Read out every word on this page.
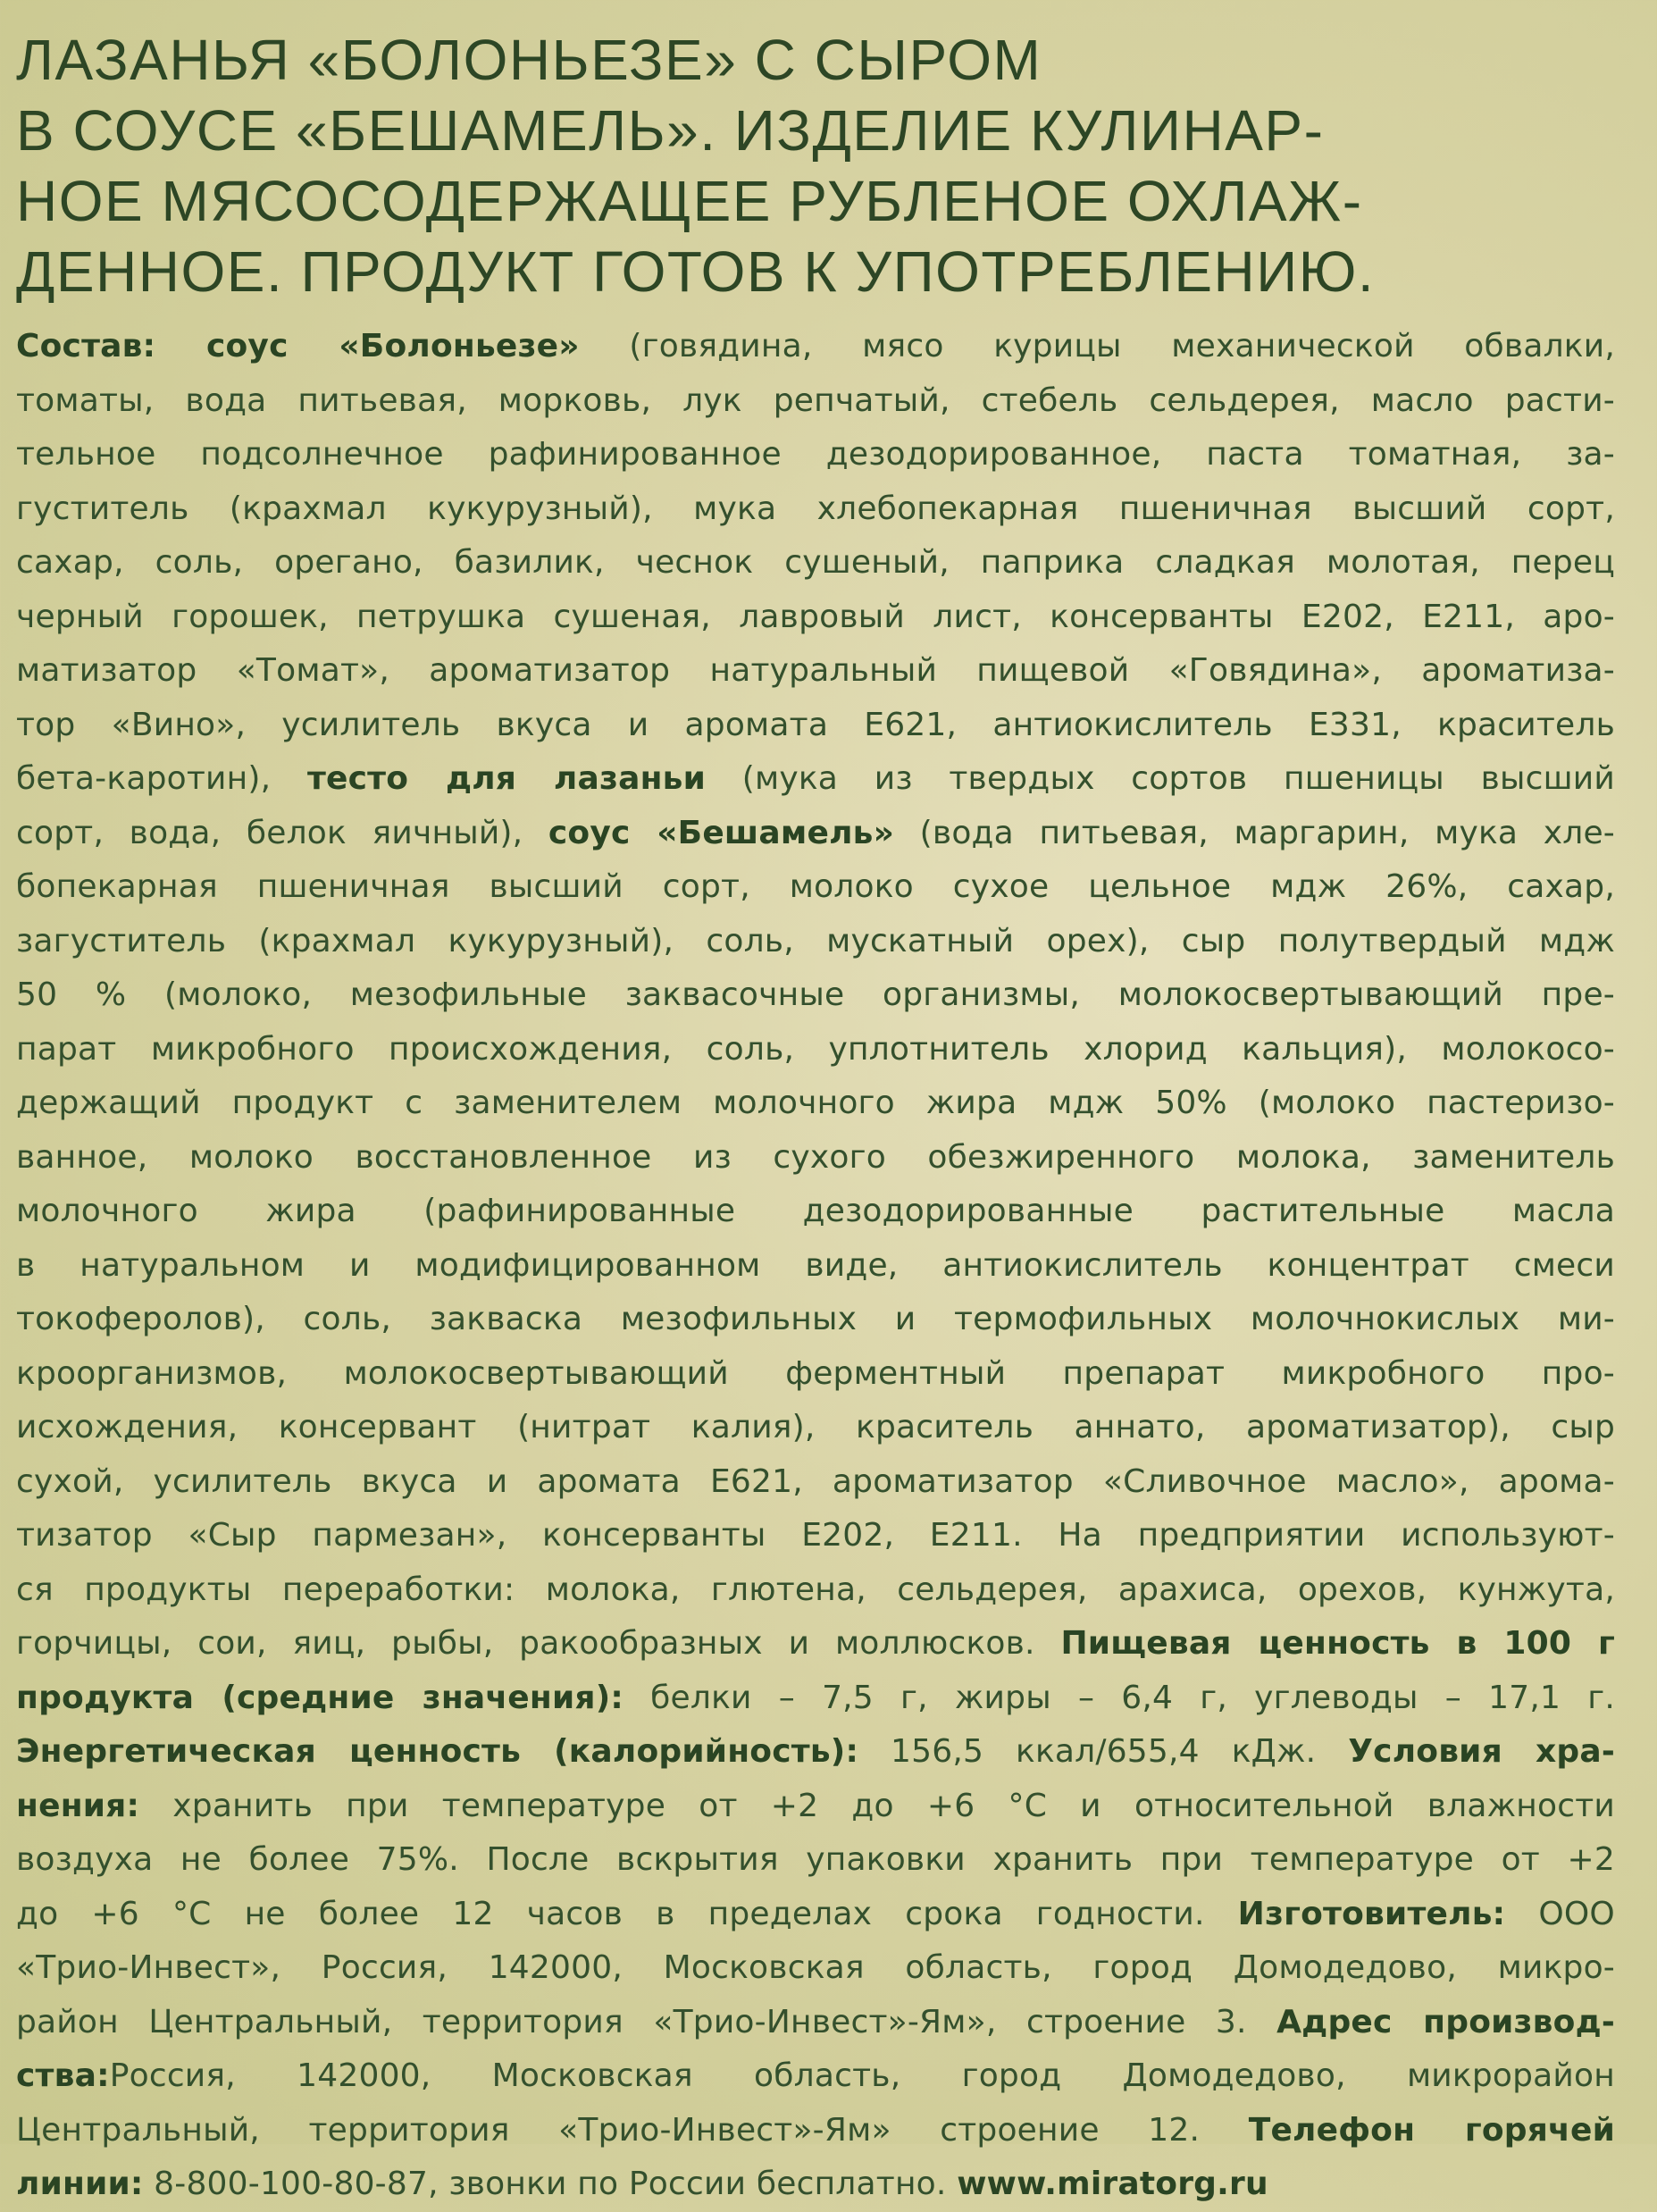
ЛАЗАНЬЯ «БОЛОНЬЕЗЕ» С СЫРОМ
В СОУСЕ «БЕШАМЕЛЬ». ИЗДЕЛИЕ КУЛИНАР-
НОЕ МЯСОСОДЕРЖАЩЕЕ РУБЛЕНОЕ ОХЛАЖ-
ДЕННОЕ. ПРОДУКТ ГОТОВ К УПОТРЕБЛЕНИЮ.
Состав: соус «Болоньезе» (говядина, мясо курицы механической обвалки,
томаты, вода питьевая, морковь, лук репчатый, стебель сельдерея, масло расти-
тельное подсолнечное рафинированное дезодорированное, паста томатная, за-
густитель (крахмал кукурузный), мука хлебопекарная пшеничная высший сорт,
сахар, соль, орегано, базилик, чеснок сушеный, паприка сладкая молотая, перец
черный горошек, петрушка сушеная, лавровый лист, консерванты Е202, Е211, аро-
матизатор «Томат», ароматизатор натуральный пищевой «Говядина», ароматиза-
тор «Вино», усилитель вкуса и аромата Е621, антиокислитель Е331, краситель
бета-каротин), тесто для лазаньи (мука из твердых сортов пшеницы высший
сорт, вода, белок яичный), соус «Бешамель» (вода питьевая, маргарин, мука хле-
бопекарная пшеничная высший сорт, молоко сухое цельное мдж 26%, сахар,
загуститель (крахмал кукурузный), соль, мускатный орех), сыр полутвердый мдж
50 % (молоко, мезофильные заквасочные организмы, молокосвертывающий пре-
парат микробного происхождения, соль, уплотнитель хлорид кальция), молокосо-
держащий продукт с заменителем молочного жира мдж 50% (молоко пастеризо-
ванное, молоко восстановленное из сухого обезжиренного молока, заменитель
молочного жира (рафинированные дезодорированные растительные масла
в натуральном и модифицированном виде, антиокислитель концентрат смеси
токоферолов), соль, закваска мезофильных и термофильных молочнокислых ми-
кроорганизмов, молокосвертывающий ферментный препарат микробного про-
исхождения, консервант (нитрат калия), краситель аннато, ароматизатор), сыр
сухой, усилитель вкуса и аромата Е621, ароматизатор «Сливочное масло», арома-
тизатор «Сыр пармезан», консерванты Е202, Е211. На предприятии используют-
ся продукты переработки: молока, глютена, сельдерея, арахиса, орехов, кунжута,
горчицы, сои, яиц, рыбы, ракообразных и моллюсков. Пищевая ценность в 100 г
продукта (средние значения): белки – 7,5 г, жиры – 6,4 г, углеводы – 17,1 г.
Энергетическая ценность (калорийность): 156,5 ккал/655,4 кДж. Условия хра-
нения: хранить при температуре от +2 до +6 °С и относительной влажности
воздуха не более 75%. После вскрытия упаковки хранить при температуре от +2
до +6 °С не более 12 часов в пределах срока годности. Изготовитель: ООО
«Трио-Инвест», Россия, 142000, Московская область, город Домодедово, микро-
район Центральный, территория «Трио-Инвест»-Ям», строение 3. Адрес производ-
ства:Россия, 142000, Московская область, город Домодедово, микрорайон
Центральный, территория «Трио-Инвест»-Ям» строение 12. Телефон горячей
линии: 8-800-100-80-87, звонки по России бесплатно. www.miratorg.ru
